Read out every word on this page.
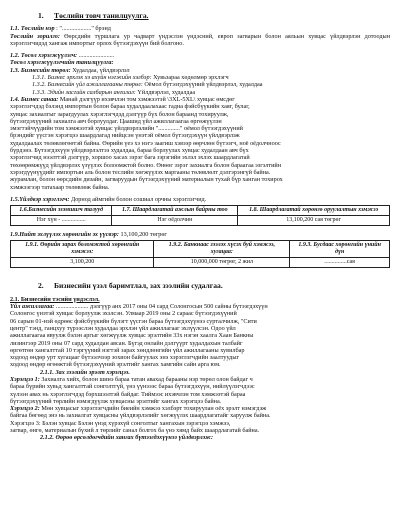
1. Төслийн товч танилцуулга.

1.1. Төслийн нэр : "..................." брэнд

Төслийн зорилго: Өөрсдийн түршлага ур чадварт үндэслэн үндэсний, европ загварын болон аяльын хувцас үйлдвэрлэн дотоодын хэрэглэгчидэд хангаж импортыг орлох бүтээгдэхүүн бий болгоно.

1.2. Төсөл хэрэгжүүлэгч: .......................

Төсөл хэрэгжүүлэгчийн танилцуулга:

1.3. Бизнесийн төрөл: Худалдаа, үйлдвэрлэл

1.3.1. Бизнес эрхлэх хэ ахуйн нэгжийн хэлбэр: Хувьзараа хөдөлмөр эрхлэгч

1.3.2. Бизнесийн үйл ажиллагааны төрөл: Оёмол бүтээгдэхүүний үйлдвэрлэл, худалдаа

1.3.3. Эдийн засгийн салбарын ангилал: Үйлдвэрлэл, худалдаа

1.4. Бизнес санаа: Манай дэлгүүр ихэвчлэн том хэмжээтэй \3XL-5XL\ хувцас өмсдөг
хэрэглэгчдэд бэлэнд импортын болон бараа худалдаалахаас гадна фэйсбүүкийн хаяг, булаг,
хувцас захиалгыг зарагдуулах хэрэглэгчдэд дэлгүүр бүх болон бараанд тохируулж,
бүтээгдэхүүний захиалга авч борлуулдаг. Цаашид үйл ажиллагаагаа өргөжүүлэн
эмэгтэйчүүдийн том хэмжээтэй хувцас үйлдвэрлэлийн ".............." оёмол бүтээгдэхүүний
брэндийг үүсгэн хэрэгцээ шаардлагад нийцсэн үнэтэй оёмол бүтээгдэхүүн үйлдвэрлэж
худалдаалах төлөвлөгөөтэй байна. Өөрийн үеэ хэ нэгэ заагиш хэвээр өөрчлөн бүтээгч, ноё оёдолчноос
бүрдэнэ. Бүтээгдэхүүн үйлдвэрлэлтээ худалдаа, бараа борлуулах хувцас худалдаан авч бүх
хэрэглэгчид нээлттэй дэлгүүр, хоршоо хасах зэрэг бага зэрэгийн эхлэл эхлэх шаардлагатай
төхөөрөмжүүд үйлдвэрлэх үзүүлэх болоомжтой болно. Өнөөг зэрэг захиалга болон бараагаа эзгэлтийн
хэрэгдүүнүүдийг импортын аль болон теслийн хөгжүүлэх маргааны төлөвлөлт дэлгэрэнгүй байна.
журамлан, болон өөрсдийн дизайн, загваруудын бүтээгдэхүүний материалын тухай бүр ханган тохирох
хэмжээгээр татахаар төлөвлөж байна.

1.5.Үйлдвэр хэрэглэгч: Дорнод аймгийн болон сошиал орчны хэрэглэгчид.

1.6.Бизнесийн эзэмшигч талууд	1.7. Шаардлагатай ажлын байрны тоо	1.8. Шаардлагатай хөрөнгө оруулалтын хэмжээ
Нэг хүн - ................	Нэг оёдолчин	13,100,200 сая төгрөг

1.9.Нийт эхлүүлэх хөрөнгийн эх үүсвэр: 13,100,200 төгрөг

1.9.1. Өөрийн зарах боломжтой хөрөнгийн хэмжээ:	1.9.2. Банкнаас зээлэх хүсэх буй хэмжээ, хугацаа:	1.9.3. Бусдаас хөрөнгийн үнийн дүн
3,100,200	10,000,000 төгрөг, 2 жил	...............сая
2. Бизнесийн үзэл баримтлал, зах зээлийн судалгаа.

2.1. Бизнесийн тэсийн үндэслэл.

Үйл ажиллагаа: ..................... дэлгүүр анх 2017 оны 04 сард Солонгосын 500 сайны бүтээгдэхүүн
Солонгос үнэтэй хувцас борлуулж эхэлсэн. Улмаар 2019 оны 2 сараас бүтээгдэхүүний
06 сарын 01-нэй өдрөөс фэйсбүүкийн бүлэгт үүсгэн бараа бүтээгдэхүүнээ сурталчилж, "Сити
центр" тэнд, ганцхуу түрээслэн худалдаа эрхлэн үйл ажиллагааг эхлүүлсэн. Одоо үйл
ажиллагаагаа явуулж бэлэн аргыг хөгжүүлж хувцас эрэлтийн 33х нэгэн хаалга Хаан Банкны
лизингээр 2019 оны 07 сард худалдан авсан. Бүгэд онлайн дэлгүүрт худалдахын талбайг
өргөтгөн хангалттай 10 тэргүүний нэгтэй зарах хөндлөнгийн үйл ажиллагааны хувилбар
ходоод өндөр урт хугацааг бүтээлчээр зохион байгуулах энэ хэрэглэгчдийн заалтуудыг
ходоод өндөр өгөөжтэй бүтээгдэхүүний эрэлтийг хангах хамгийн сайн арга юм.

2.1.1. Зах зээлийн эрэлт хэрэгцээ.

Хэрэгцээ 1: Захиалга хийх, болон шинэ бараа татан авахад барааны нэр төрөл олон байдаг ч
бараа бүрийн хувьд хангалттай сонголтгүй, үнэ үүнэээс бараа бүтээгдэхүүн, нийлүүлэгчдээс
хүлээн авах нь хэрэглэгчдэд бэрхшээлтэй байдаг. Тиймээс ихэвчлэн том хэмжээтэй бараа
бүтээгдэхүүний төрлийн нэмэгдүүлж хувцасны эрэлтийг хангах хэрэгцээ байна.
Хэрэгцээ 2: Мөн хувцасыг хэрэглэгчдийн биеийн хэмжээ хэлбэрт тохируулан оёх эрэлт нэмэгдэж
байгаа бөгөөд энэ нь захиалгат хувцасны үйлдвэрлэлийг хөгжүүлэх шаардлагатайг харуулж байна.
Хэрэгцээ 3: Бэлэн хувцас Бэлэн үнэд хүрэхүй сонголтыг хангахын зэрэгцээ хэмжээ,
загвар, өнгө, материалын бүхий л төрлийг санал болгох ба үнэ хямд байх шаардлагатай байна.

2.1.2. Өөрөө өрсөлдөгчдийн хангах бүтээгдэхүүнээ үйлдвэрлэж:
